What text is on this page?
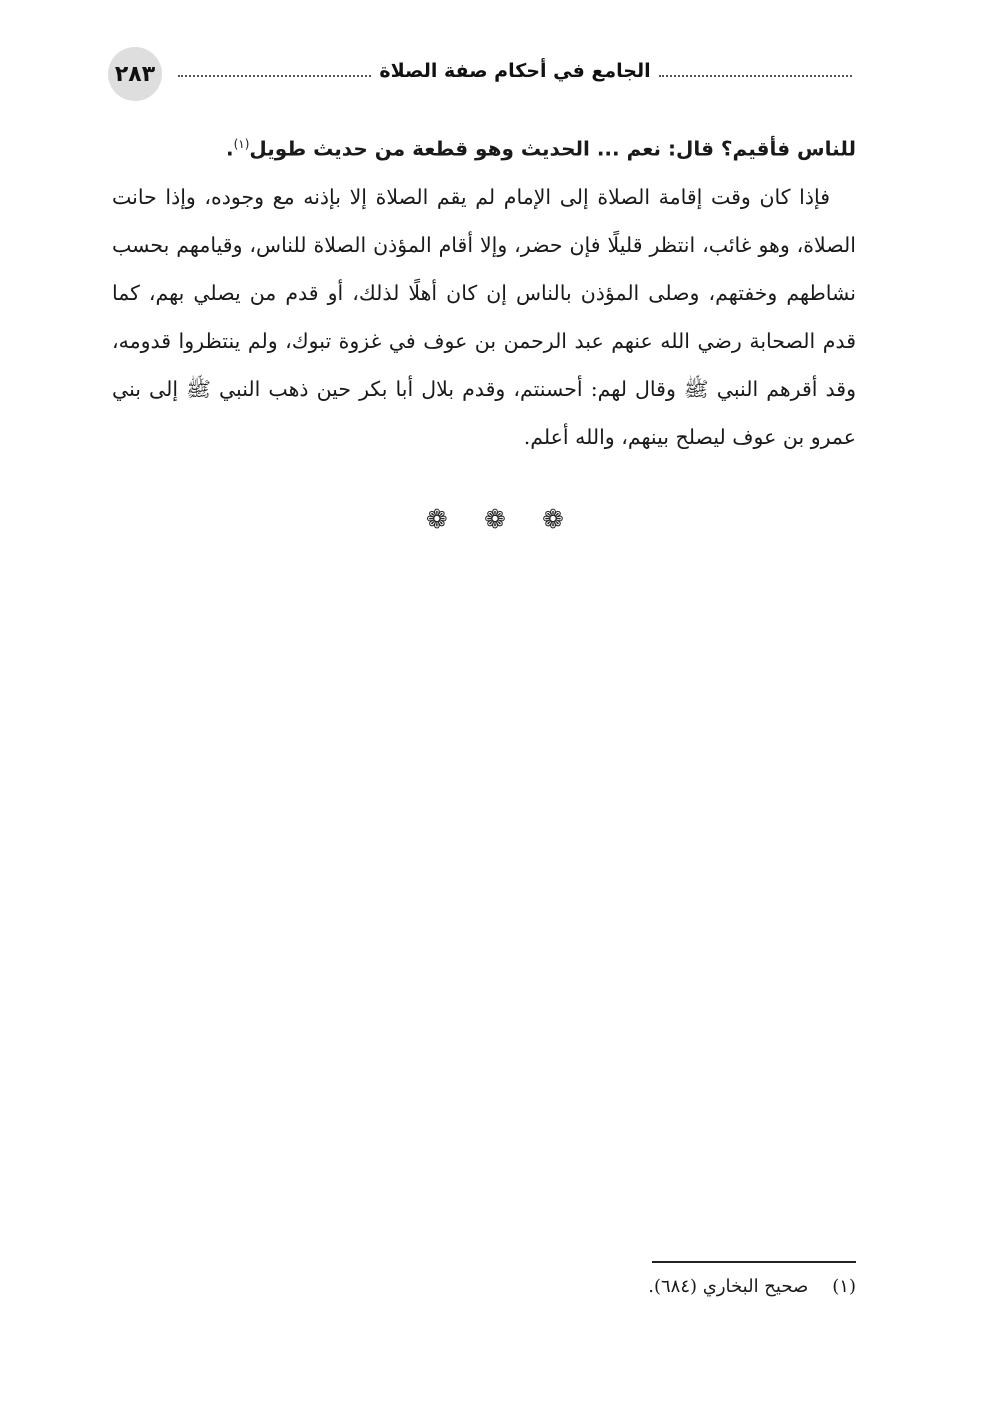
٢٨٣	الجامع في أحكام صفة الصلاة

للناس فأقيم؟ قال: نعم ... الحديث وهو قطعة من حديث طويل$^{(١)}$.

فإذا كان وقت إقامة الصلاة إلى الإمام لم يقم الصلاة إلا بإذنه مع وجوده، وإذا حانت الصلاة، وهو غائب، انتظر قليلًا فإن حضر، وإلا أقام المؤذن الصلاة للناس، وقيامهم بحسب نشاطهم وخفتهم، وصلى المؤذن بالناس إن كان أهلًا لذلك، أو قدم من يصلي بهم، كما قدم الصحابة رضي الله عنهم عبد الرحمن بن عوف في غزوة تبوك، ولم ينتظروا قدومه، وقد أقرهم النبي ﷺ وقال لهم: أحسنتم، وقدم بلال أبا بكر حين ذهب النبي ﷺ إلى بني عمرو بن عوف ليصلح بينهم، والله أعلم.

❁ ❁ ❁
(١)صحيح البخاري (٦٨٤).
